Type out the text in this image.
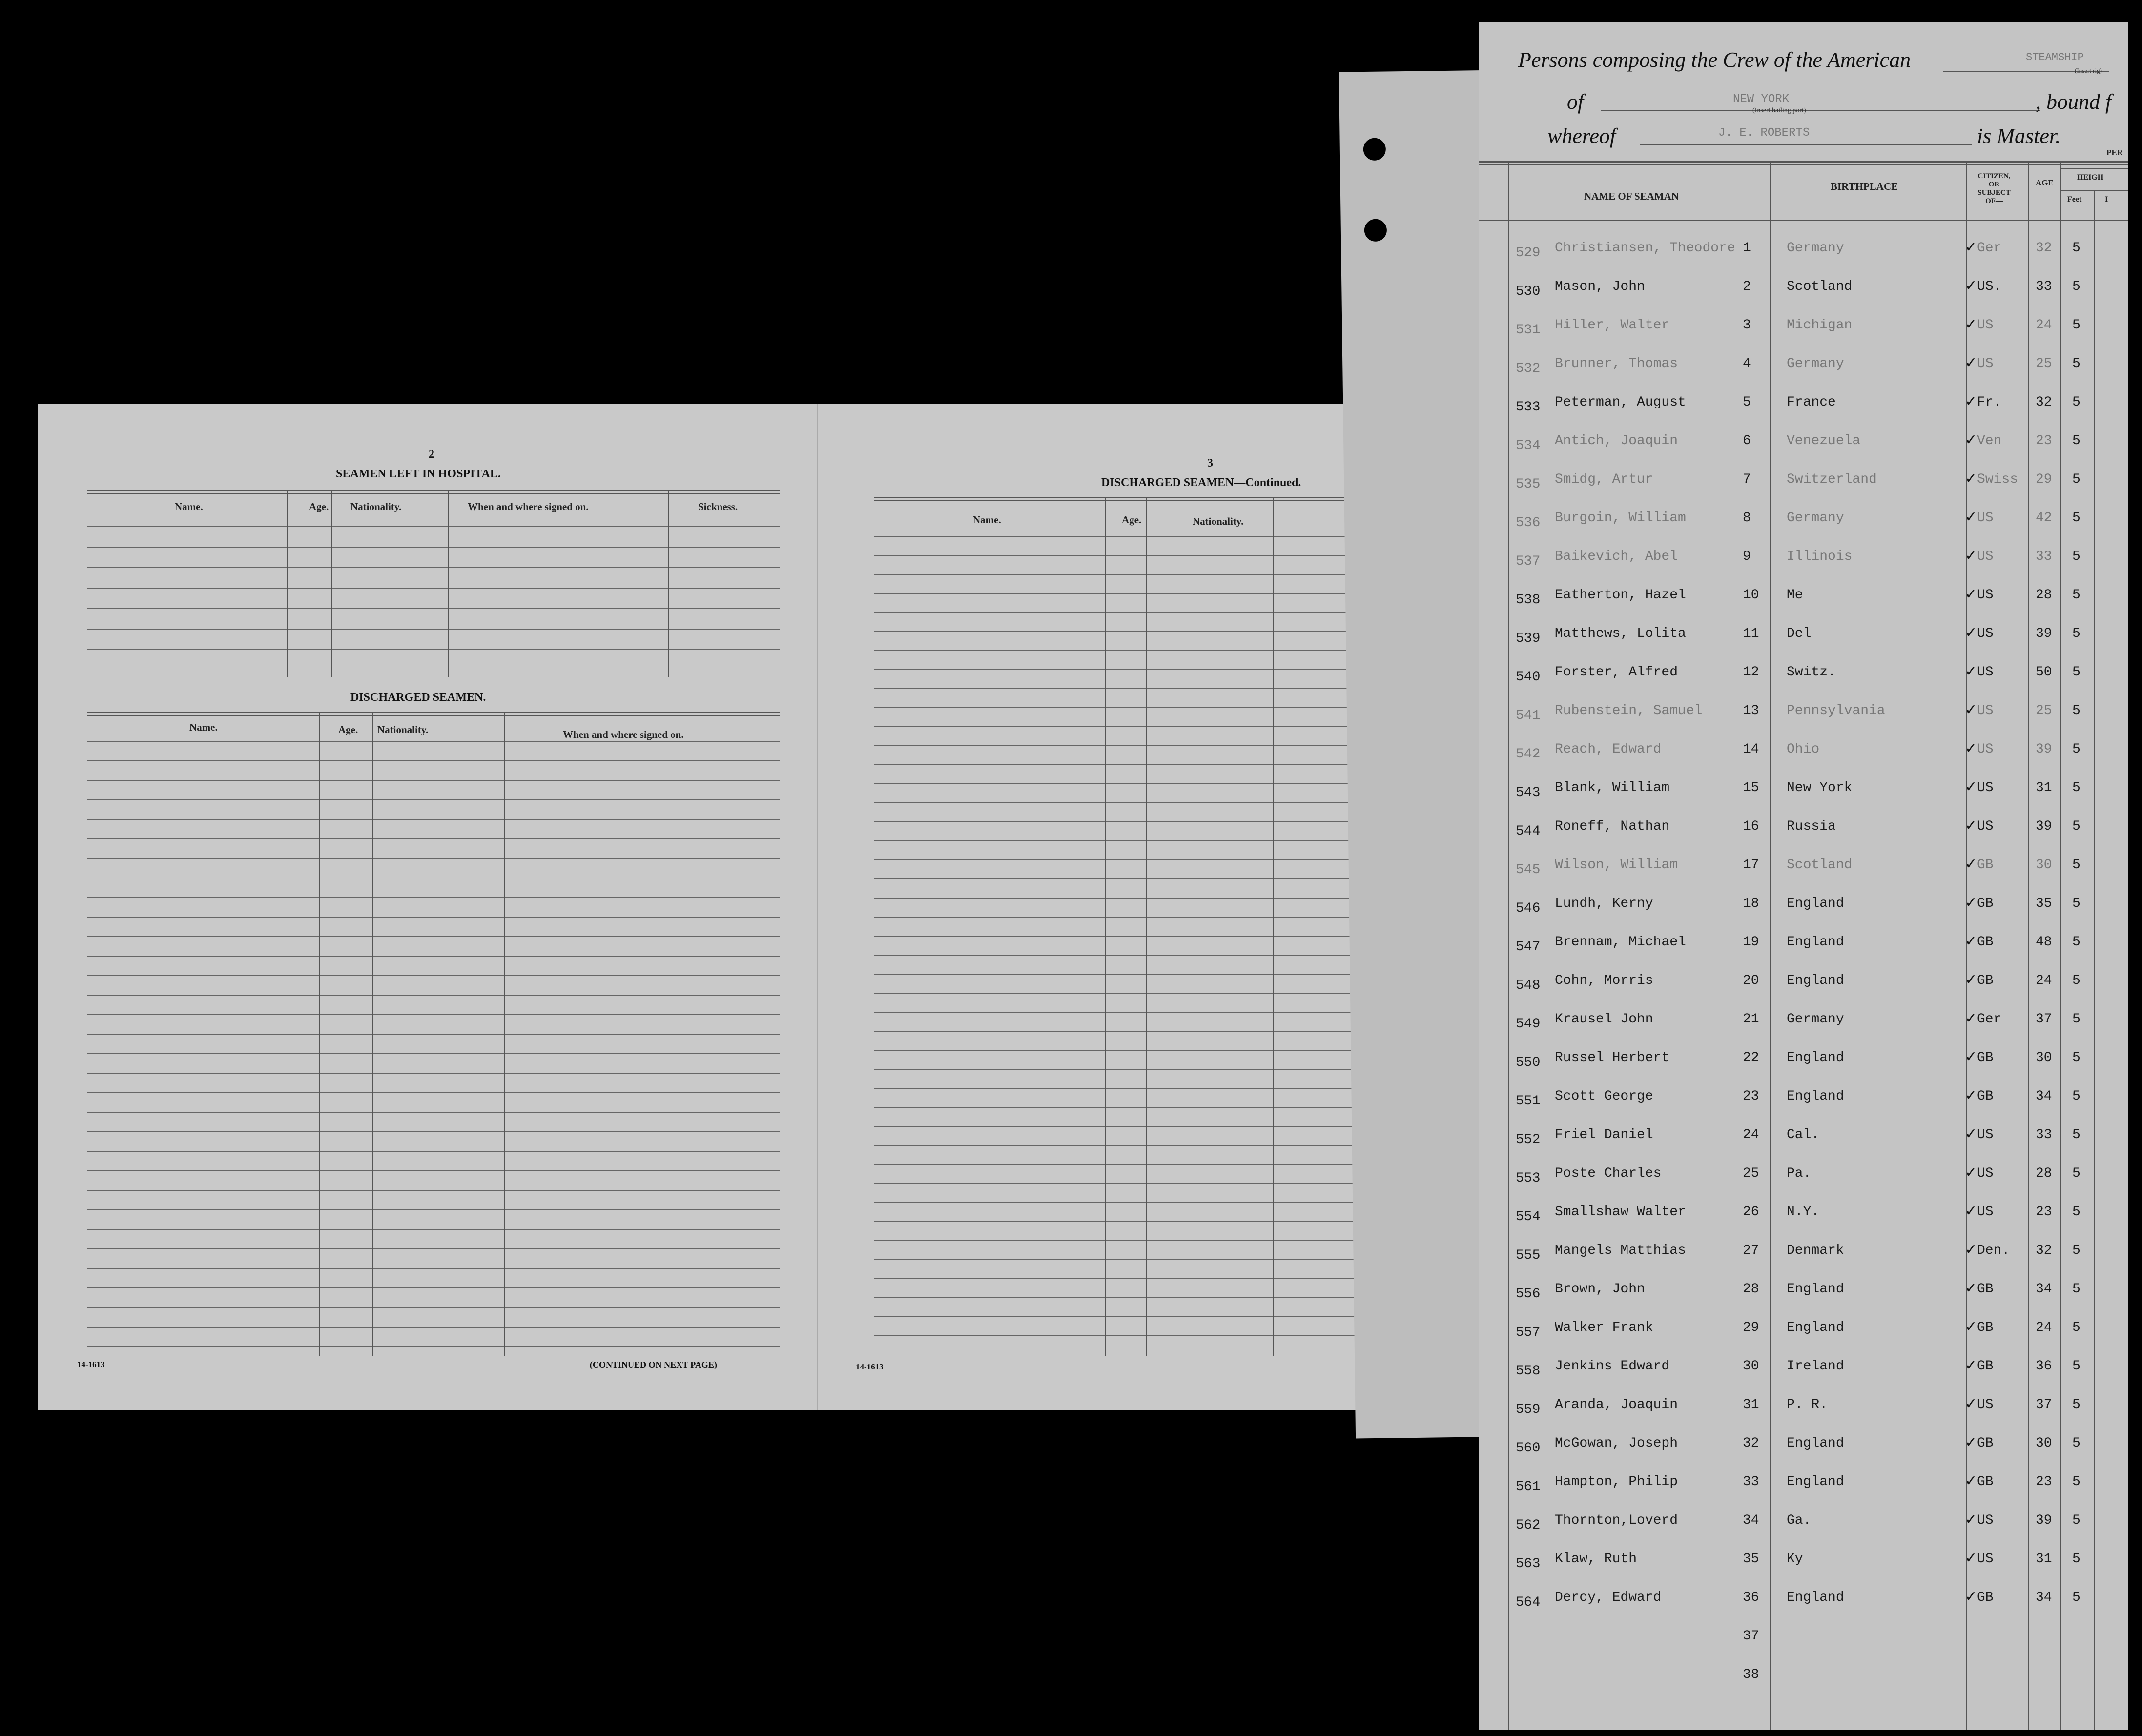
2
SEAMEN LEFT IN HOSPITAL.
Name.	Age. Nationality.	When and where signed on.	Sickness.
DISCHARGED SEAMEN.
Name.	Age. Nationality.	When and where signed on.
14-1613	(CONTINUED ON NEXT PAGE)
3
DISCHARGED SEAMEN—Continued.
Name.	Age.	Nationality.
14-1613
Persons composing the Crew of the American	STEAMSHIP
(Insert rig)
of	NEW YORK
(Insert hailing port)	, bound f
whereof	J. E. ROBERTS	is Master.
NAME OF SEAMAN
BIRTHPLACE
CITIZEN, OR SUBJECT OF—
AGE
PER
HEIGH
Feet	I
529 Christiansen, Theodore 1	Germany	Ger 32 5
✓
530 Mason, John	2	Scotland	US. 33 5
✓
531 Hiller, Walter	3	Michigan	US	24 5
✓
532 Brunner, Thomas	4	Germany	US	25 5
✓
533 Peterman, August	5	France	Fr. 32 5
✓
534 Antich, Joaquin	6	Venezuela	Ven 23 5
✓
535 Smidg, Artur	7	Switzerland	Swiss 29 5
✓
536 Burgoin, William	8	Germany	US	42 5
✓
537 Baikevich, Abel	9	Illinois	US	33 5
✓
538 Eatherton, Hazel	10 Me	US	28 5
✓
539 Matthews, Lolita	11 Del	US	39 5
✓
540 Forster, Alfred	12 Switz.	US	50 5
✓
541 Rubenstein, Samuel	13 Pennsylvania	US	25 5
✓
542 Reach, Edward	14 Ohio	US	39 5
✓
543 Blank, William	15 New York	US	31 5
✓
544 Roneff, Nathan	16 Russia	US	39 5
✓
545 Wilson, William	17 Scotland	GB	30 5
✓
546 Lundh, Kerny	18 England	GB	35 5
✓
547 Brennam, Michael	19 England	GB	48 5
✓
548 Cohn, Morris	20 England	GB	24 5
✓
549 Krausel John	21 Germany	Ger 37 5
✓
550 Russel Herbert	22 England	GB	30 5
✓
551 Scott George	23 England	GB	34 5
✓
552 Friel Daniel	24 Cal.	US	33 5
✓
553 Poste Charles	25 Pa.	US	28 5
✓
554 Smallshaw Walter	26 N.Y.	US	23 5
✓
555 Mangels Matthias	27 Denmark	Den. 32 5
✓
556 Brown, John	28 England	GB	34 5
✓
557 Walker Frank	29 England	GB	24 5
✓
558 Jenkins Edward	30 Ireland	GB	36 5
✓
559 Aranda, Joaquin	31 P. R.	US	37 5
✓
560 McGowan, Joseph	32 England	GB	30 5
✓
561 Hampton, Philip	33 England	GB	23 5
✓
562 Thornton,Loverd	34 Ga.	US	39 5
✓
563 Klaw, Ruth	35 Ky	US	31 5
✓
564 Dercy, Edward	36 England	GB	34 5
✓
37
38
